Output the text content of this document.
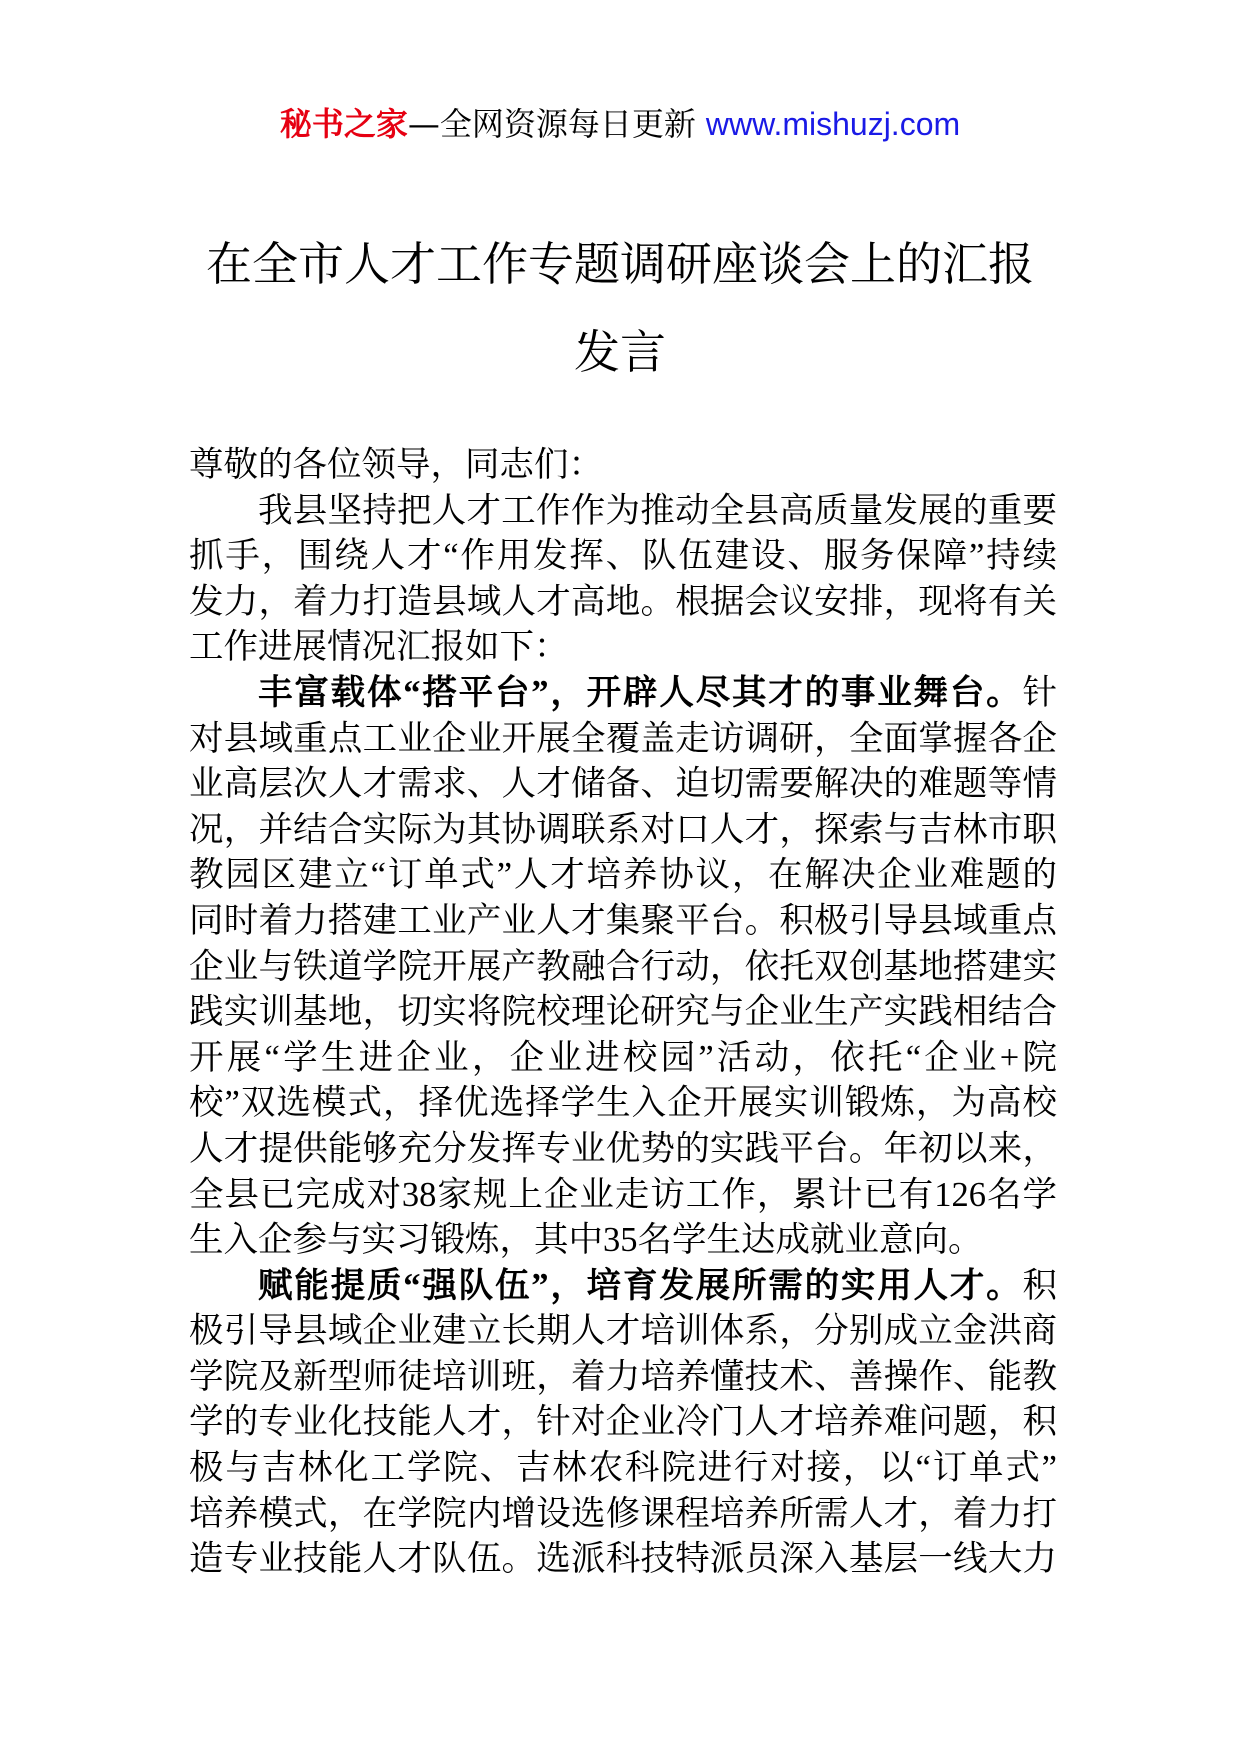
秘书之家—全网资源每日更新 www.mishuzj.com
在全市人才工作专题调研座谈会上的汇报发言
尊敬的各位领导，同志们：
我县坚持把人才工作作为推动全县高质量发展的重要
抓手，围绕人才“作用发挥、队伍建设、服务保障”持续
发力，着力打造县域人才高地。根据会议安排，现将有关
工作进展情况汇报如下：
丰富载体“搭平台”，开辟人尽其才的事业舞台。针
对县域重点工业企业开展全覆盖走访调研，全面掌握各企
业高层次人才需求、人才储备、迫切需要解决的难题等情
况，并结合实际为其协调联系对口人才，探索与吉林市职
教园区建立“订单式”人才培养协议，在解决企业难题的
同时着力搭建工业产业人才集聚平台。积极引导县域重点
企业与铁道学院开展产教融合行动，依托双创基地搭建实
践实训基地，切实将院校理论研究与企业生产实践相结合
开展“学生进企业，企业进校园”活动，依托“企业+院
校”双选模式，择优选择学生入企开展实训锻炼，为高校
人才提供能够充分发挥专业优势的实践平台。年初以来，
全县已完成对38家规上企业走访工作，累计已有126名学
生入企参与实习锻炼，其中35名学生达成就业意向。
赋能提质“强队伍”，培育发展所需的实用人才。积
极引导县域企业建立长期人才培训体系，分别成立金洪商
学院及新型师徒培训班，着力培养懂技术、善操作、能教
学的专业化技能人才，针对企业冷门人才培养难问题，积
极与吉林化工学院、吉林农科院进行对接，以“订单式”
培养模式，在学院内增设选修课程培养所需人才，着力打
造专业技能人才队伍。选派科技特派员深入基层一线大力
